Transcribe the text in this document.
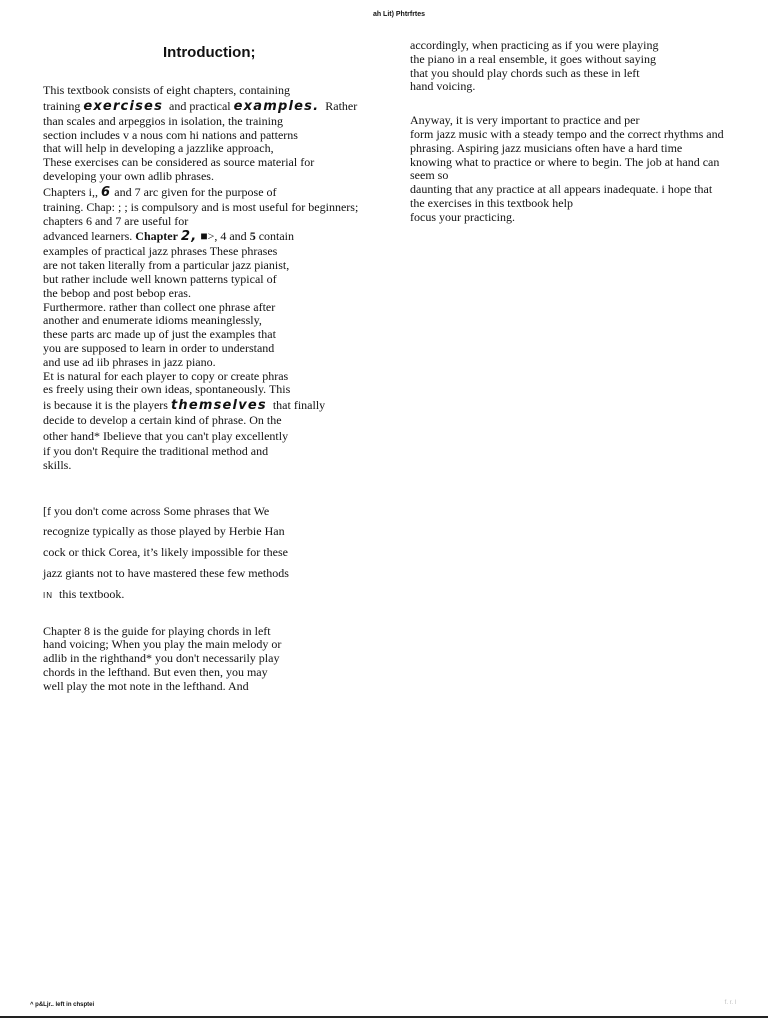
ah Lit) Phtrfrtes
Introduction;
This textbook consists of eight chapters, containing
training exercises and practical examples. Rather
than scales and arpeggios in isolation, the training
section includes v a nous com hi nations and patterns
that will help in developing a jazzlike approach,
These exercises can be considered as source material for
developing your own adlib phrases.
Chapters i,, 6 and 7 arc given for the purpose of
training. Chap: ; ; is compulsory and is most useful for beginners;
chapters 6 and 7 are useful for
advanced learners. Chapter 2, ■>, 4 and 5 contain
examples of practical jazz phrases These phrases
are not taken literally from a particular jazz pianist,
but rather include well known patterns typical of
the bebop and post bebop eras.
Furthermore. rather than collect one phrase after
another and enumerate idioms meaninglessly,
these parts arc made up of just the examples that
you are supposed to learn in order to understand
and use ad iib phrases in jazz piano.
Et is natural for each player to copy or create phras
es freely using their own ideas, spontaneously. This
is because it is the players themselves that finally
decide to develop a certain kind of phrase. On the
other hand* Ibelieve that you can't play excellently
if you don't Require the traditional method and
skills.
[f you don't come across Some phrases that We
recognize typically as those played by Herbie Han
cock or thick Corea, it’s likely impossible for these
jazz giants not to have mastered these few methods
IN this textbook.
Chapter 8 is the guide for playing chords in left
hand voicing; When you play the main melody or
adlib in the righthand* you don't necessarily play
chords in the lefthand. But even then, you may
well play the mot note in the lefthand. And
accordingly, when practicing as if you were playing
the piano in a real ensemble, it goes without saying
that you should play chords such as these in left
hand voicing.
Anyway, it is very important to practice and per
form jazz music with a steady tempo and the correct rhythms and
phrasing. Aspiring jazz musicians often have a hard time
knowing what to practice or where to begin. The job at hand can
seem so
daunting that any practice at all appears inadequate. i hope that
the exercises in this textbook help
focus your practicing.
^ p&Ljr.. left in chsptei	f. r. l
